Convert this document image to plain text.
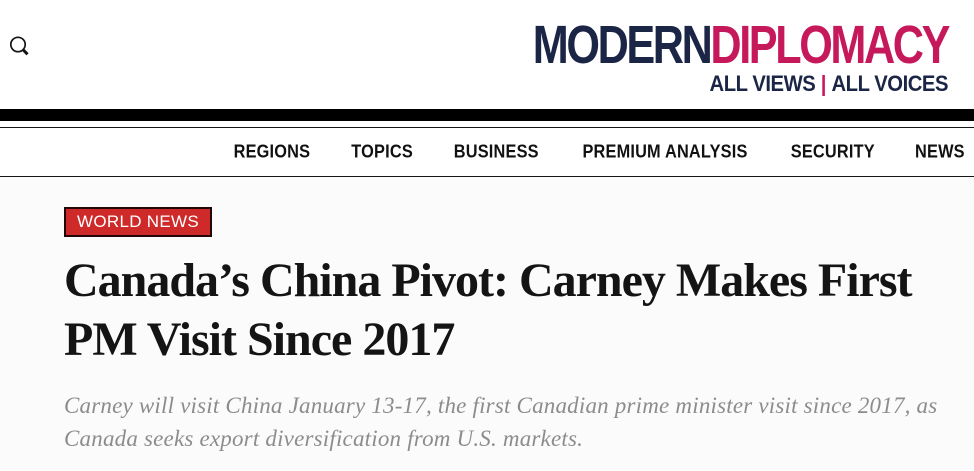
MODERNDIPLOMACY
ALL VIEWS | ALL VOICES
REGIONS TOPICS BUSINESS	PREMIUM ANALYSIS	SECURITY NEWS
WORLD NEWS
Canada’s China Pivot: Carney Makes First PM Visit Since 2017

Carney will visit China January 13-17, the first Canadian prime minister visit since 2017, as Canada seeks export diversification from U.S. markets.
